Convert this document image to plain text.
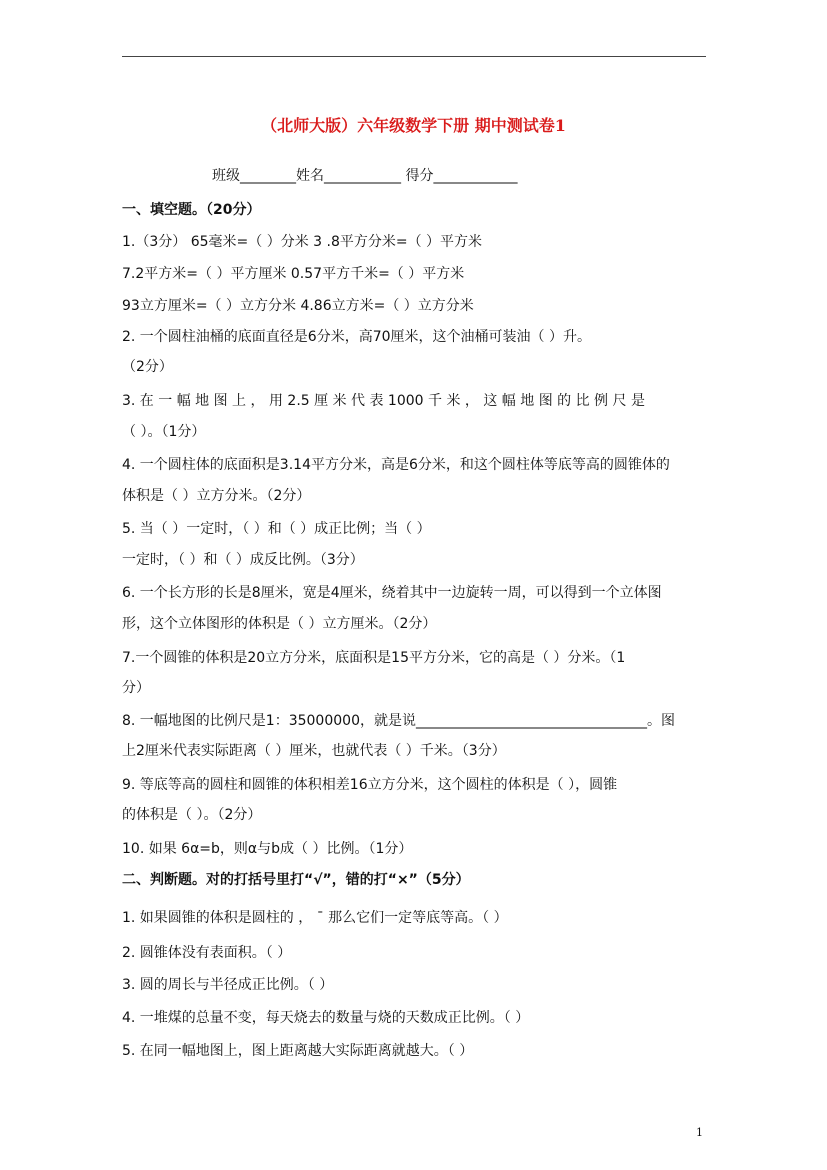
（北师大版）六年级数学下册 期中测试卷1
班级________姓名___________ 得分____________
一、填空题。（20分）
1.（3分） 65毫米=（ ）分米 3 .8平方分米=（ ）平方米
7.2平方米=（ ）平方厘米 0.57平方千米=（ ）平方米
93立方厘米=（ ）立方分米 4.86立方米=（ ）立方分米
2. 一个圆柱油桶的底面直径是6分米，高70厘米，这个油桶可装油（ ）升。
（2分）
3. 在 一 幅 地 图 上 ， 用 2.5 厘 米 代 表 1000 千 米 ， 这 幅 地 图 的 比 例 尺 是
（ ）。（1分）
4. 一个圆柱体的底面积是3.14平方分米，高是6分米，和这个圆柱体等底等高的圆锥体的
体积是（ ）立方分米。（2分）
5. 当（ ）一定时，（ ）和（ ）成正比例；当（ ）
一定时，（ ）和（ ）成反比例。（3分）
6. 一个长方形的长是8厘米，宽是4厘米，绕着其中一边旋转一周，可以得到一个立体图
形，这个立体图形的体积是（ ）立方厘米。（2分）
7.一个圆锥的体积是20立方分米，底面积是15平方分米，它的高是（ ）分米。（1
分）
8. 一幅地图的比例尺是1：35000000，就是说_________________________________。图
上2厘米代表实际距离（ ）厘米，也就代表（ ）千米。（3分）
9. 等底等高的圆柱和圆锥的体积相差16立方分米，这个圆柱的体积是（ ），圆锥
的体积是（ ）。（2分）
10. 如果 6α=b，则α与b成（ ）比例。（1分）
二、判断题。对的打括号里打“√”，错的打“×”（5分）
1. 如果圆锥的体积是圆柱的 ， ˉ 那么它们一定等底等高。（ ）
2. 圆锥体没有表面积。（ ）
3. 圆的周长与半径成正比例。（ ）
4. 一堆煤的总量不变，每天烧去的数量与烧的天数成正比例。（ ）
5. 在同一幅地图上，图上距离越大实际距离就越大。（ ）
1
